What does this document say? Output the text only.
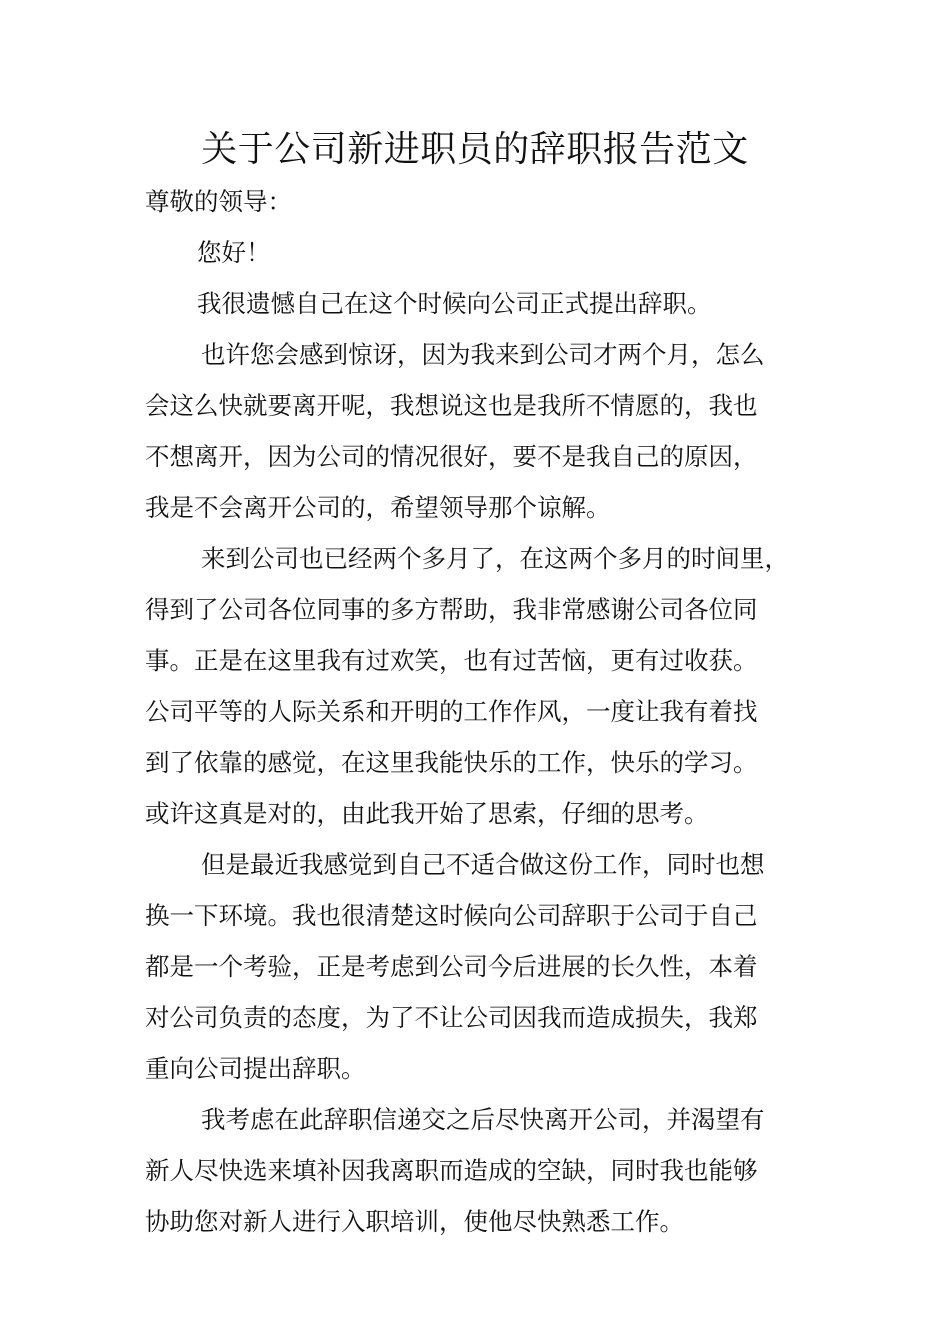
关于公司新进职员的辞职报告范文
尊敬的领导：
您好！
我很遗憾自己在这个时候向公司正式提出辞职。
也许您会感到惊讶，因为我来到公司才两个月，怎么
会这么快就要离开呢，我想说这也是我所不情愿的，我也
不想离开，因为公司的情况很好，要不是我自己的原因，
我是不会离开公司的，希望领导那个谅解。
来到公司也已经两个多月了，在这两个多月的时间里，
得到了公司各位同事的多方帮助，我非常感谢公司各位同
事。正是在这里我有过欢笑，也有过苦恼，更有过收获。
公司平等的人际关系和开明的工作作风，一度让我有着找
到了依靠的感觉，在这里我能快乐的工作，快乐的学习。
或许这真是对的，由此我开始了思索，仔细的思考。
但是最近我感觉到自己不适合做这份工作，同时也想
换一下环境。我也很清楚这时候向公司辞职于公司于自己
都是一个考验，正是考虑到公司今后进展的长久性，本着
对公司负责的态度，为了不让公司因我而造成损失，我郑
重向公司提出辞职。
我考虑在此辞职信递交之后尽快离开公司，并渴望有
新人尽快选来填补因我离职而造成的空缺，同时我也能够
协助您对新人进行入职培训，使他尽快熟悉工作。
